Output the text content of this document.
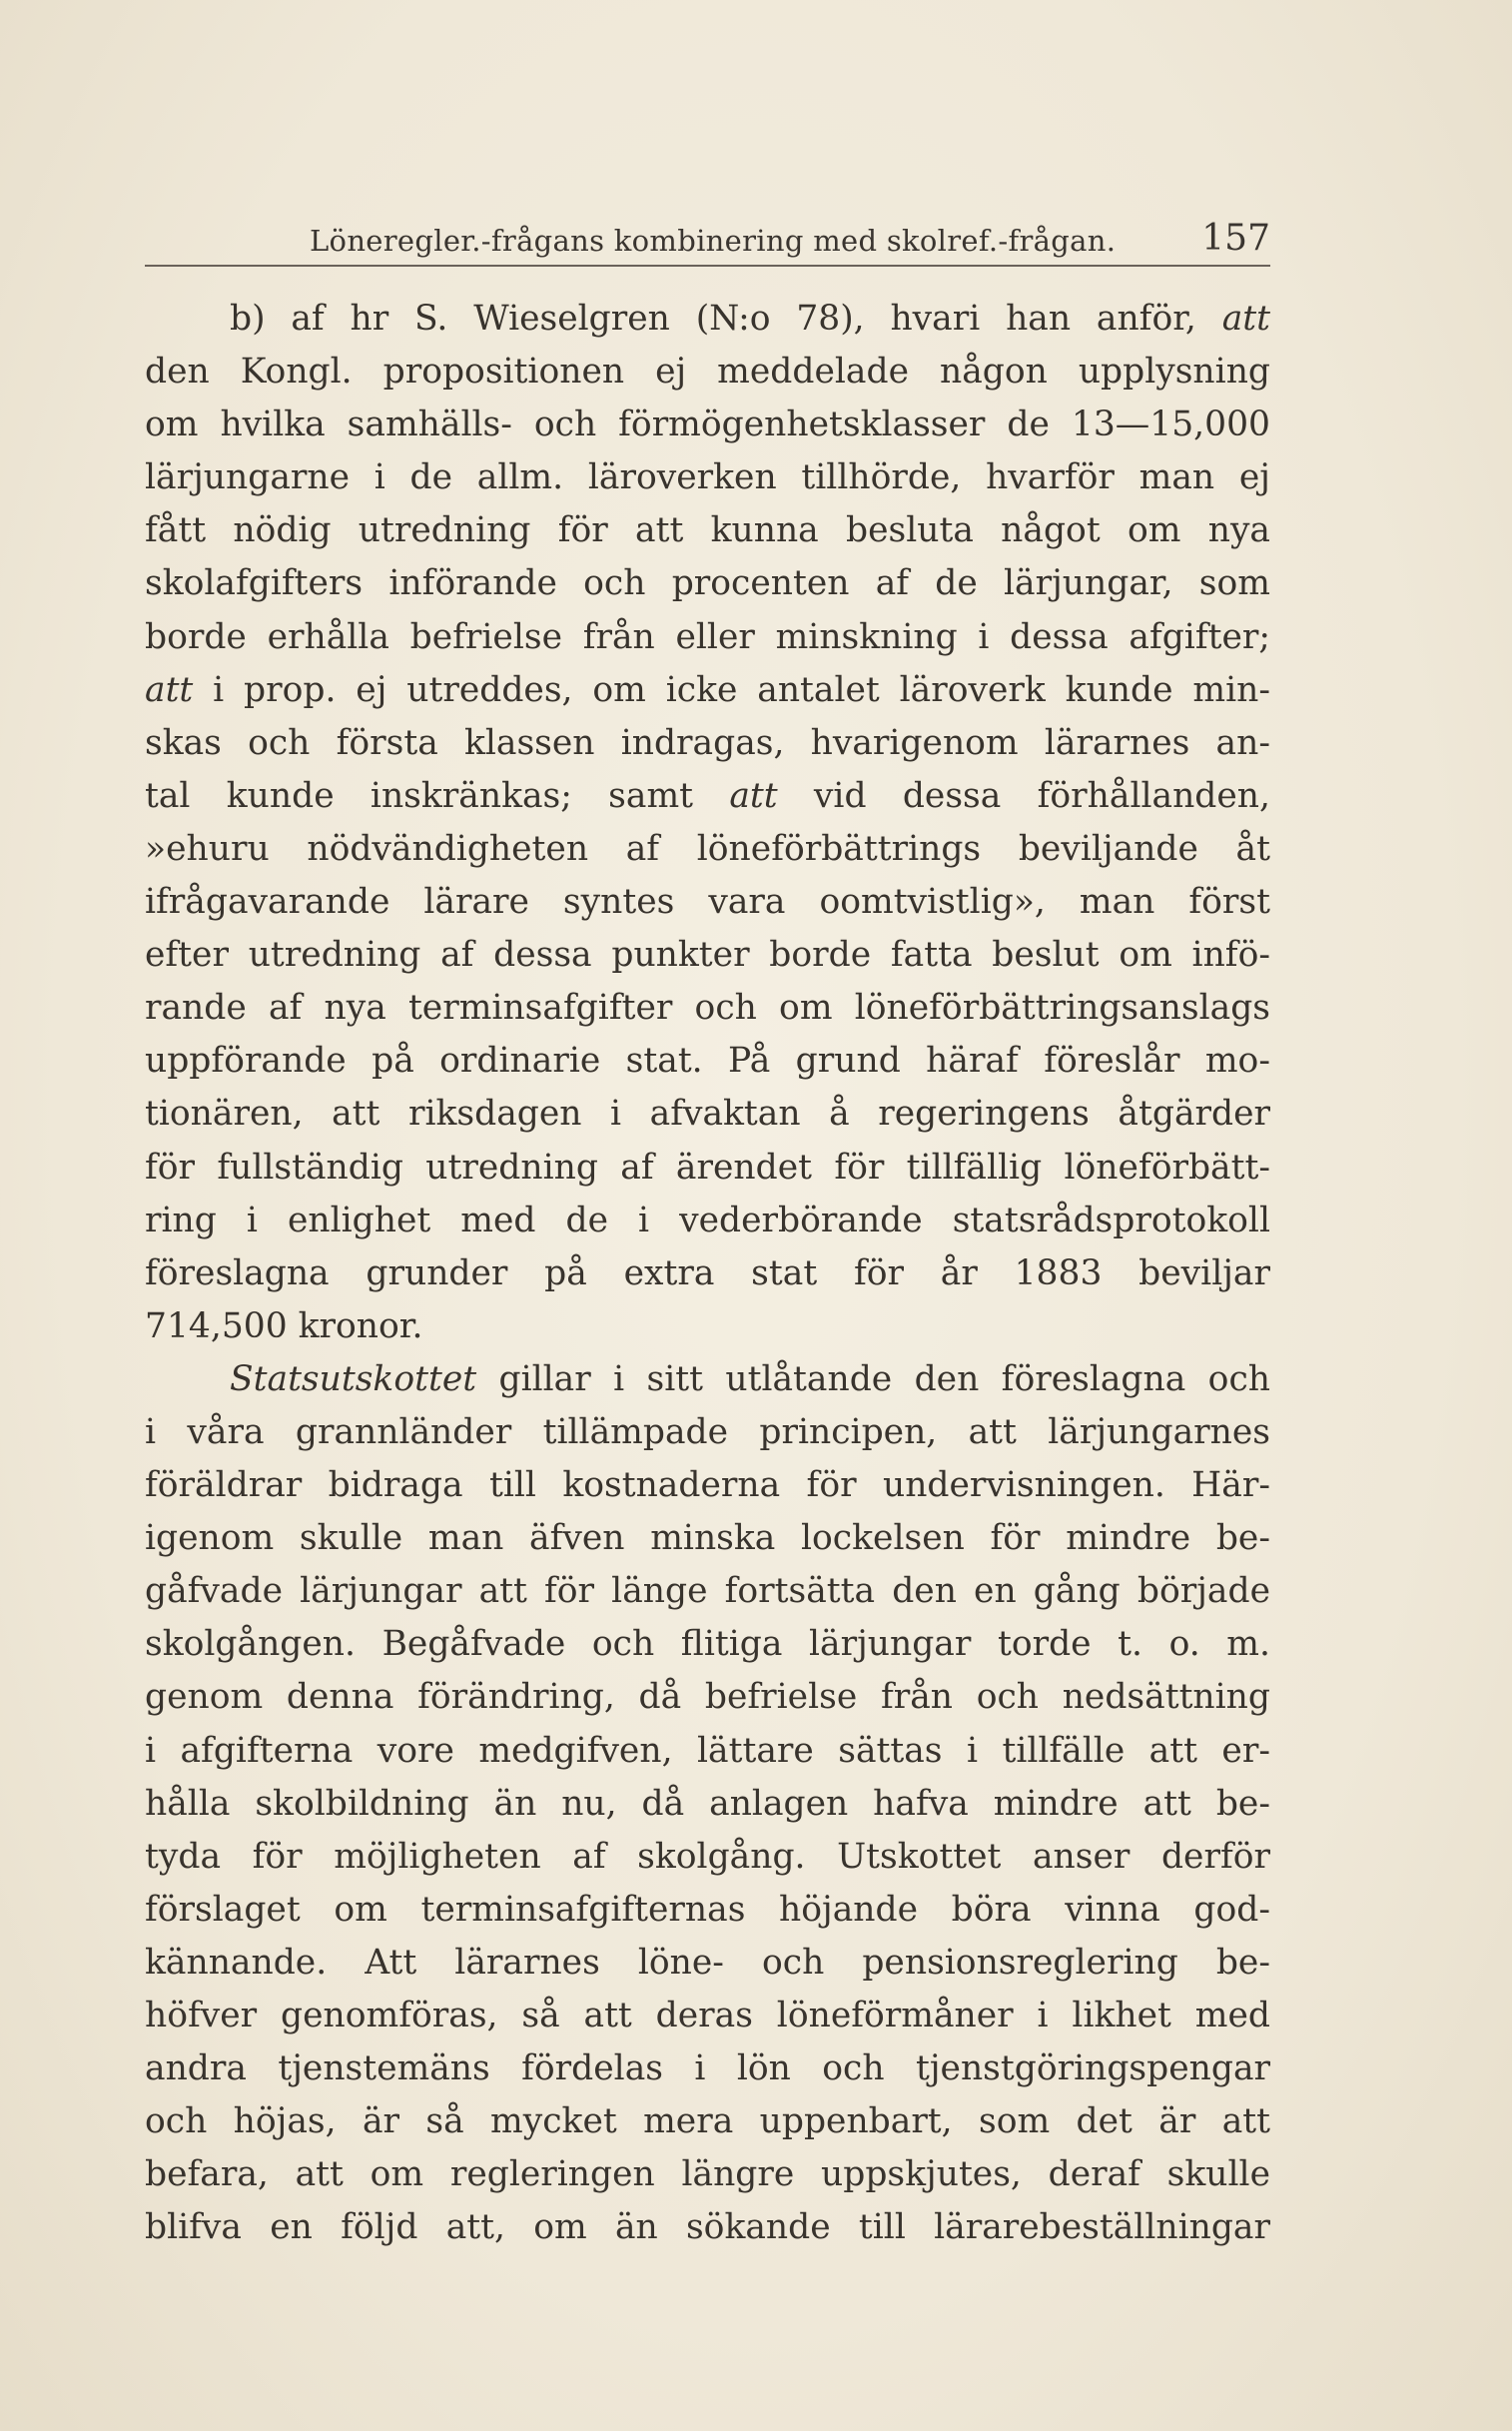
Löneregler.-frågans kombinering med skolref.-frågan. 157
b) af hr S. Wieselgren (N:o 78), hvari han anför, att
den Kongl. propositionen ej meddelade någon upplysning
om hvilka samhälls- och förmögenhetsklasser de 13—15,000
lärjungarne i de allm. läroverken tillhörde, hvarför man ej
fått nödig utredning för att kunna besluta något om nya
skolafgifters införande och procenten af de lärjungar, som
borde erhålla befrielse från eller minskning i dessa afgifter;
att i prop. ej utreddes, om icke antalet läroverk kunde min-
skas och första klassen indragas, hvarigenom lärarnes an-
tal kunde inskränkas; samt att vid dessa förhållanden,
»ehuru nödvändigheten af löneförbättrings beviljande åt
ifrågavarande lärare syntes vara oomtvistlig», man först
efter utredning af dessa punkter borde fatta beslut om infö-
rande af nya terminsafgifter och om löneförbättringsanslags
uppförande på ordinarie stat. På grund häraf föreslår mo-
tionären, att riksdagen i afvaktan å regeringens åtgärder
för fullständig utredning af ärendet för tillfällig löneförbätt-
ring i enlighet med de i vederbörande statsrådsprotokoll
föreslagna grunder på extra stat för år 1883 beviljar
714,500 kronor.
Statsutskottet gillar i sitt utlåtande den föreslagna och
i våra grannländer tillämpade principen, att lärjungarnes
föräldrar bidraga till kostnaderna för undervisningen. Här-
igenom skulle man äfven minska lockelsen för mindre be-
gåfvade lärjungar att för länge fortsätta den en gång började
skolgången. Begåfvade och flitiga lärjungar torde t. o. m.
genom denna förändring, då befrielse från och nedsättning
i afgifterna vore medgifven, lättare sättas i tillfälle att er-
hålla skolbildning än nu, då anlagen hafva mindre att be-
tyda för möjligheten af skolgång. Utskottet anser derför
förslaget om terminsafgifternas höjande böra vinna god-
kännande. Att lärarnes löne- och pensionsreglering be-
höfver genomföras, så att deras löneförmåner i likhet med
andra tjenstemäns fördelas i lön och tjenstgöringspengar
och höjas, är så mycket mera uppenbart, som det är att
befara, att om regleringen längre uppskjutes, deraf skulle
blifva en följd att, om än sökande till lärarebeställningar
